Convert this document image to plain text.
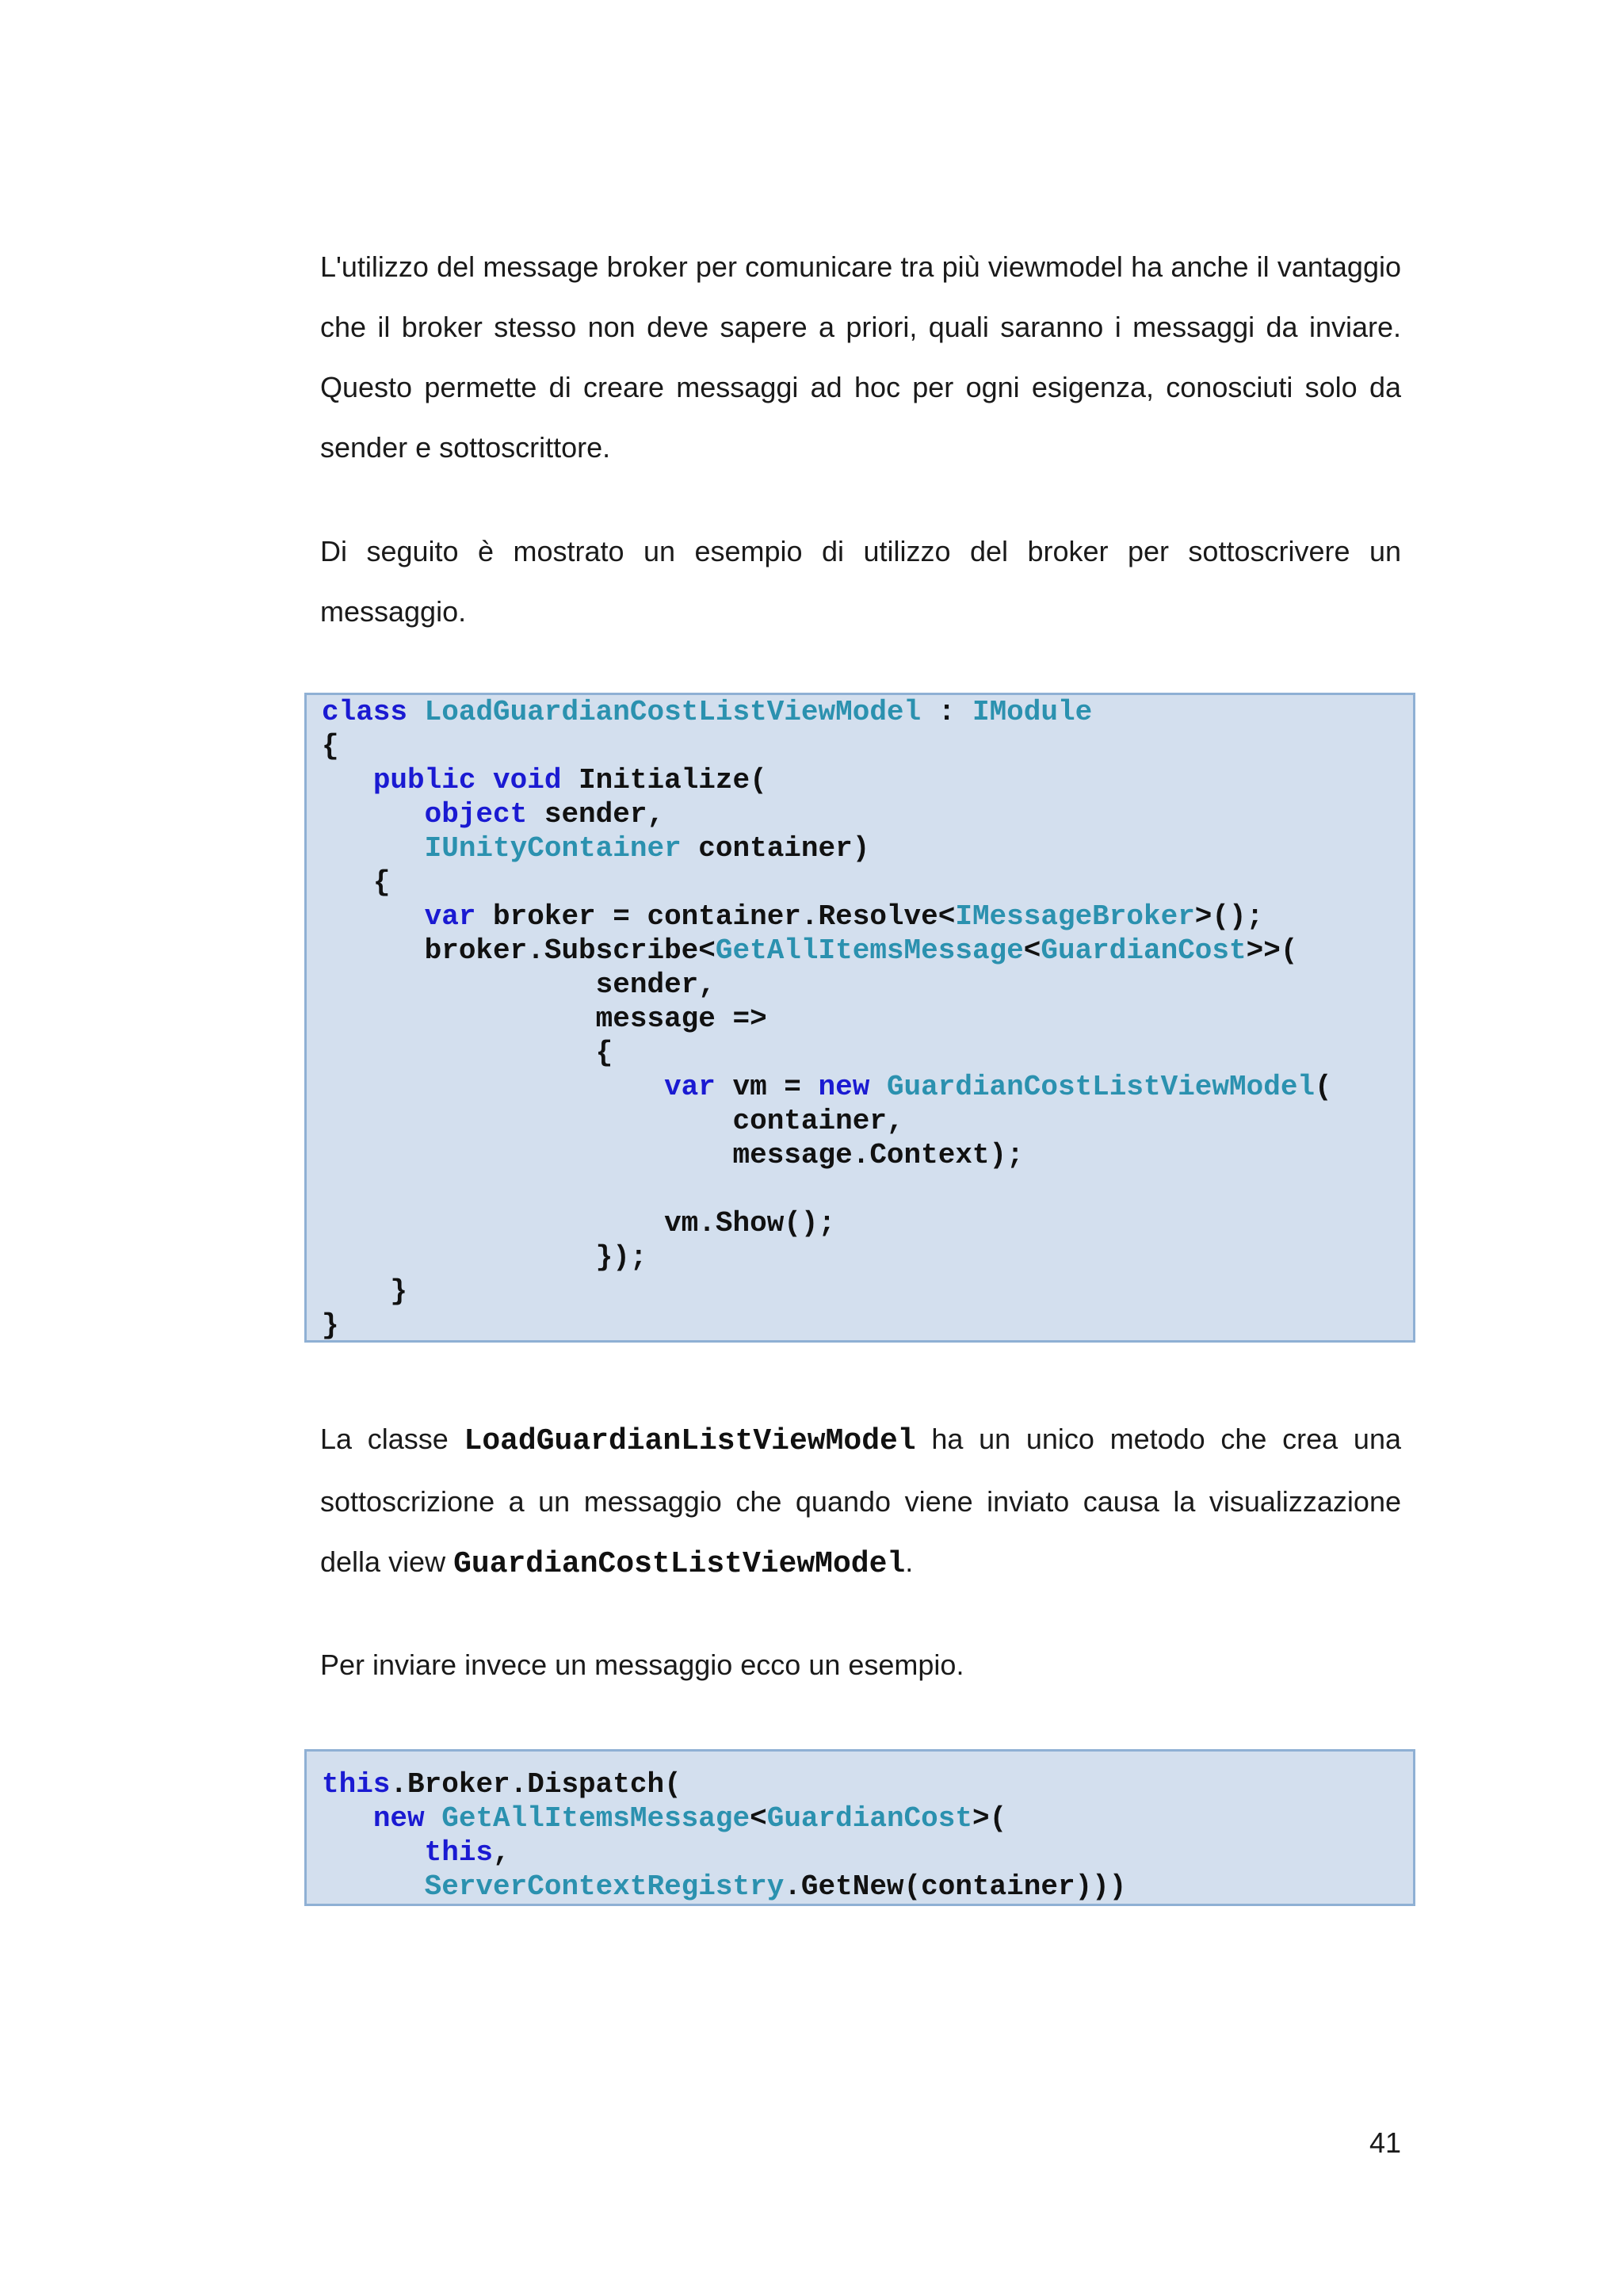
L'utilizzo del message broker per comunicare tra più viewmodel ha anche il vantaggio che il broker stesso non deve sapere a priori, quali saranno i messaggi da inviare. Questo permette di creare messaggi ad hoc per ogni esigenza, conosciuti solo da sender e sottoscrittore.

Di seguito è mostrato un esempio di utilizzo del broker per sottoscrivere un messaggio.

class LoadGuardianCostListViewModel : IModule
{
public void Initialize(
object sender,
IUnityContainer container)
{
var broker = container.Resolve<IMessageBroker>();
broker.Subscribe<GetAllItemsMessage<GuardianCost>>(
sender,
message =>
{
var vm = new GuardianCostListViewModel(
container,
message.Context);

vm.Show();
});
}
}

La classe LoadGuardianListViewModel ha un unico metodo che crea una sottoscrizione a un messaggio che quando viene inviato causa la visualizzazione della view GuardianCostListViewModel.

Per inviare invece un messaggio ecco un esempio.

this.Broker.Dispatch(
new GetAllItemsMessage<GuardianCost>(
this,
ServerContextRegistry.GetNew(container)))
41
